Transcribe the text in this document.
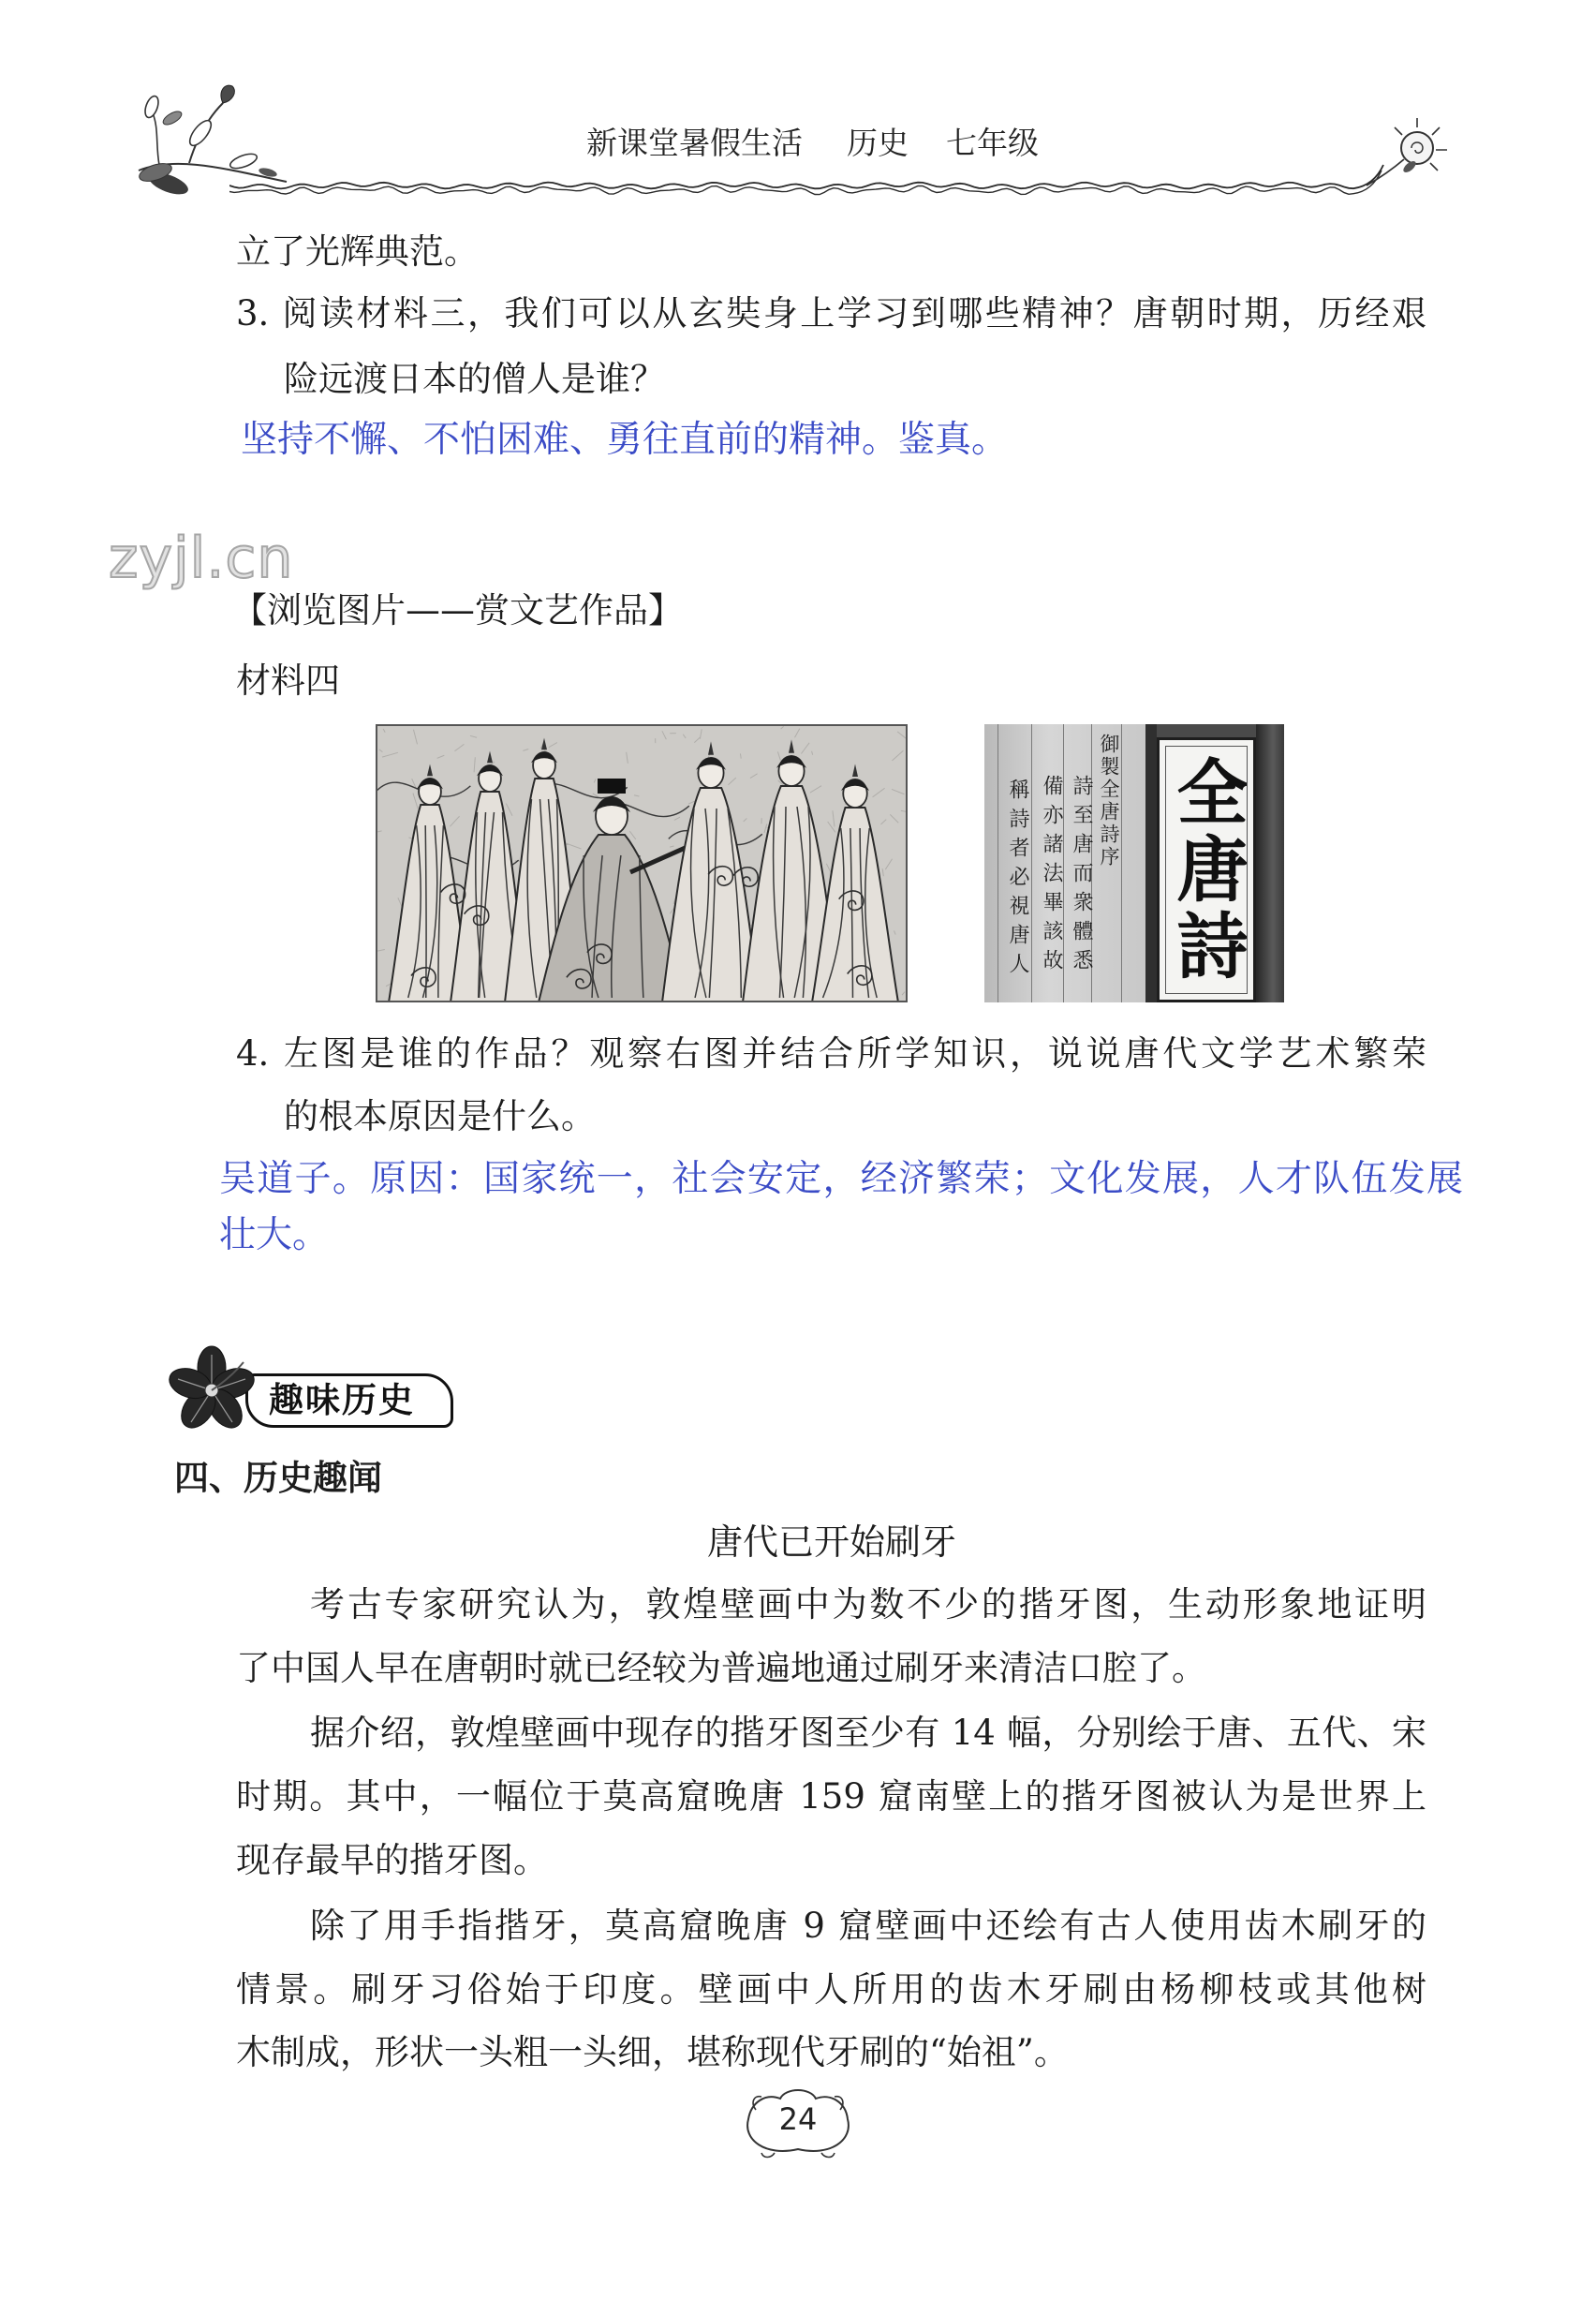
新课堂暑假生活 历史 七年级
立了光辉典范。
3. 阅读材料三，我们可以从玄奘身上学习到哪些精神？唐朝时期，历经艰
险远渡日本的僧人是谁？
坚持不懈、不怕困难、勇往直前的精神。鉴真。
zyjl.cn
【浏览图片——赏文艺作品】
材料四
御製全唐詩序
詩至唐而衆體悉
備亦諸法畢該故
稱詩者必視唐人 全唐詩
4. 左图是谁的作品？观察右图并结合所学知识，说说唐代文学艺术繁荣
的根本原因是什么。
吴道子。原因：国家统一，社会安定，经济繁荣；文化发展，人才队伍发展
壮大。
趣味历史
四、历史趣闻
唐代已开始刷牙
考古专家研究认为，敦煌壁画中为数不少的揩牙图，生动形象地证明
了中国人早在唐朝时就已经较为普遍地通过刷牙来清洁口腔了。
据介绍，敦煌壁画中现存的揩牙图至少有 14 幅，分别绘于唐、五代、宋
时期。其中，一幅位于莫高窟晚唐 159 窟南壁上的揩牙图被认为是世界上
现存最早的揩牙图。
除了用手指揩牙，莫高窟晚唐 9 窟壁画中还绘有古人使用齿木刷牙的
情景。刷牙习俗始于印度。壁画中人所用的齿木牙刷由杨柳枝或其他树
木制成，形状一头粗一头细，堪称现代牙刷的“始祖”。
24
